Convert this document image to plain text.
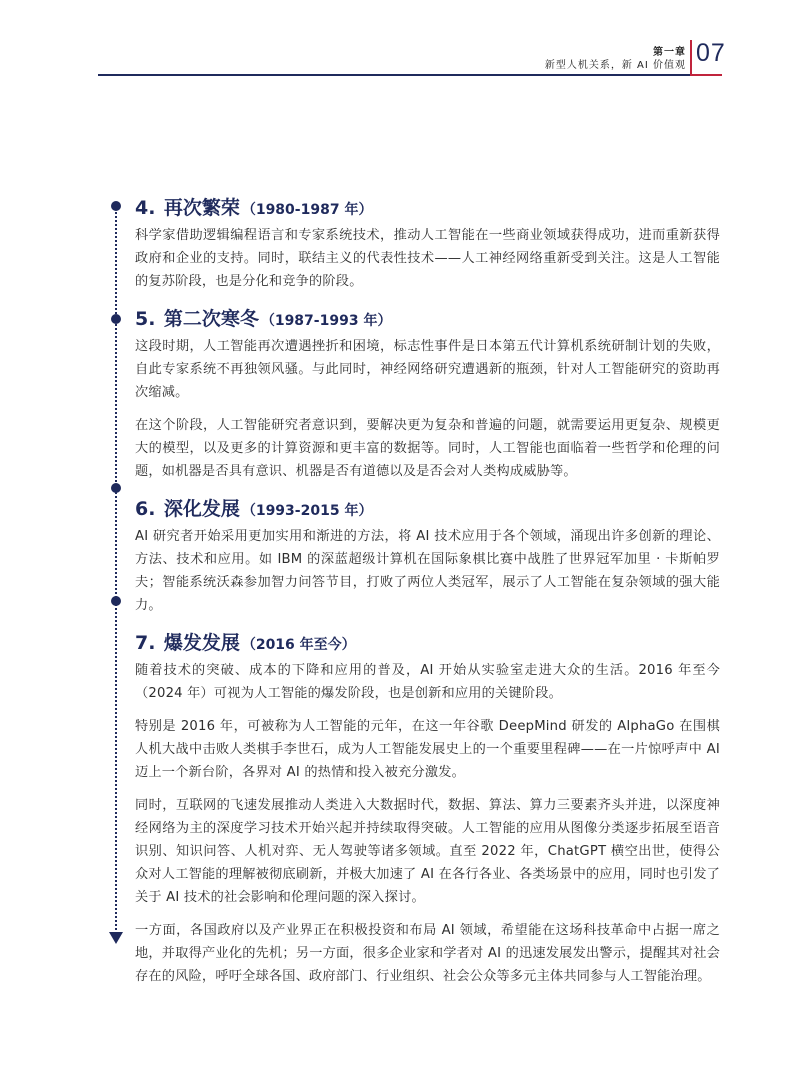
第一章
新型人机关系，新 AI 价值观 07
4. 再次繁荣 （1980-1987 年）

科学家借助逻辑编程语言和专家系统技术，推动人工智能在一些商业领域获得成功，进而重新获得政府和企业的支持。同时，联结主义的代表性技术——人工神经网络重新受到关注。这是人工智能的复苏阶段，也是分化和竞争的阶段。

5. 第二次寒冬 （1987-1993 年）

这段时期，人工智能再次遭遇挫折和困境，标志性事件是日本第五代计算机系统研制计划的失败，自此专家系统不再独领风骚。与此同时，神经网络研究遭遇新的瓶颈，针对人工智能研究的资助再次缩减。

在这个阶段，人工智能研究者意识到，要解决更为复杂和普遍的问题，就需要运用更复杂、规模更大的模型，以及更多的计算资源和更丰富的数据等。同时，人工智能也面临着一些哲学和伦理的问题，如机器是否具有意识、机器是否有道德以及是否会对人类构成威胁等。

6. 深化发展 （1993-2015 年）

AI 研究者开始采用更加实用和渐进的方法，将 AI 技术应用于各个领域，涌现出许多创新的理论、方法、技术和应用。如 IBM 的深蓝超级计算机在国际象棋比赛中战胜了世界冠军加里 · 卡斯帕罗夫；智能系统沃森参加智力问答节目，打败了两位人类冠军，展示了人工智能在复杂领域的强大能力。

7. 爆发发展 （2016 年至今）

随着技术的突破、成本的下降和应用的普及，AI 开始从实验室走进大众的生活。2016 年至今（2024 年）可视为人工智能的爆发阶段，也是创新和应用的关键阶段。

特别是 2016 年，可被称为人工智能的元年，在这一年谷歌 DeepMind 研发的 AlphaGo 在围棋人机大战中击败人类棋手李世石，成为人工智能发展史上的一个重要里程碑——在一片惊呼声中 AI 迈上一个新台阶，各界对 AI 的热情和投入被充分激发。

同时，互联网的飞速发展推动人类进入大数据时代，数据、算法、算力三要素齐头并进，以深度神经网络为主的深度学习技术开始兴起并持续取得突破。人工智能的应用从图像分类逐步拓展至语音识别、知识问答、人机对弈、无人驾驶等诸多领域。直至 2022 年，ChatGPT 横空出世，使得公众对人工智能的理解被彻底刷新，并极大加速了 AI 在各行各业、各类场景中的应用，同时也引发了关于 AI 技术的社会影响和伦理问题的深入探讨。

一方面，各国政府以及产业界正在积极投资和布局 AI 领域，希望能在这场科技革命中占据一席之地，并取得产业化的先机；另一方面，很多企业家和学者对 AI 的迅速发展发出警示，提醒其对社会存在的风险，呼吁全球各国、政府部门、行业组织、社会公众等多元主体共同参与人工智能治理。
